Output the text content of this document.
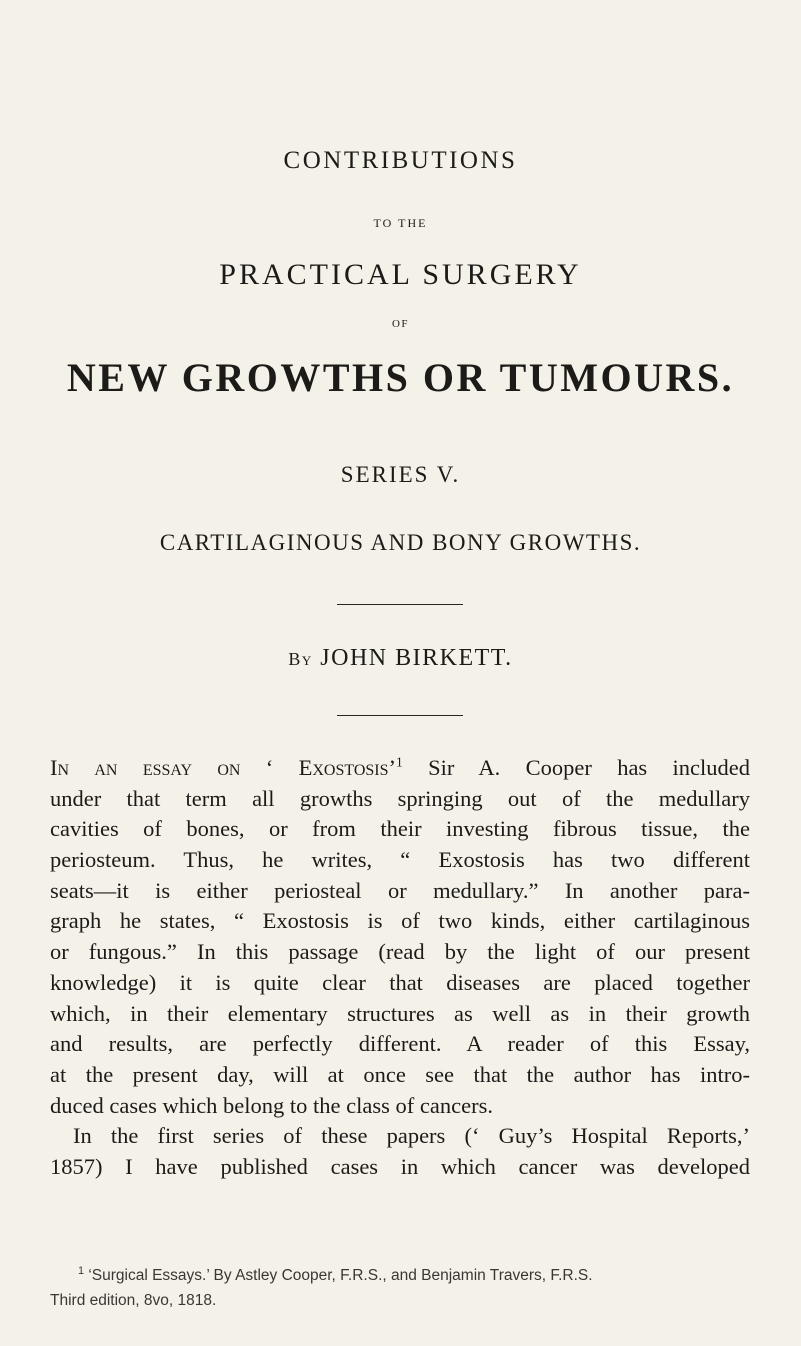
CONTRIBUTIONS
TO THE
PRACTICAL SURGERY
OF
NEW GROWTHS OR TUMOURS.
SERIES V.
CARTILAGINOUS AND BONY GROWTHS.
By JOHN BIRKETT.
In an essay on ‘ Exostosis’$^1$ Sir A. Cooper has included
under that term all growths springing out of the medullary
cavities of bones, or from their investing fibrous tissue, the
periosteum. Thus, he writes, “ Exostosis has two different
seats—it is either periosteal or medullary.” In another para-
graph he states, “ Exostosis is of two kinds, either cartilaginous
or fungous.” In this passage (read by the light of our present
knowledge) it is quite clear that diseases are placed together
which, in their elementary structures as well as in their growth
and results, are perfectly different. A reader of this Essay,
at the present day, will at once see that the author has intro-
duced cases which belong to the class of cancers.
In the first series of these papers (‘ Guy’s Hospital Reports,’
1857) I have published cases in which cancer was developed
$^1$ ‘Surgical Essays.’ By Astley Cooper, F.R.S., and Benjamin Travers, F.R.S.
Third edition, 8vo, 1818.
